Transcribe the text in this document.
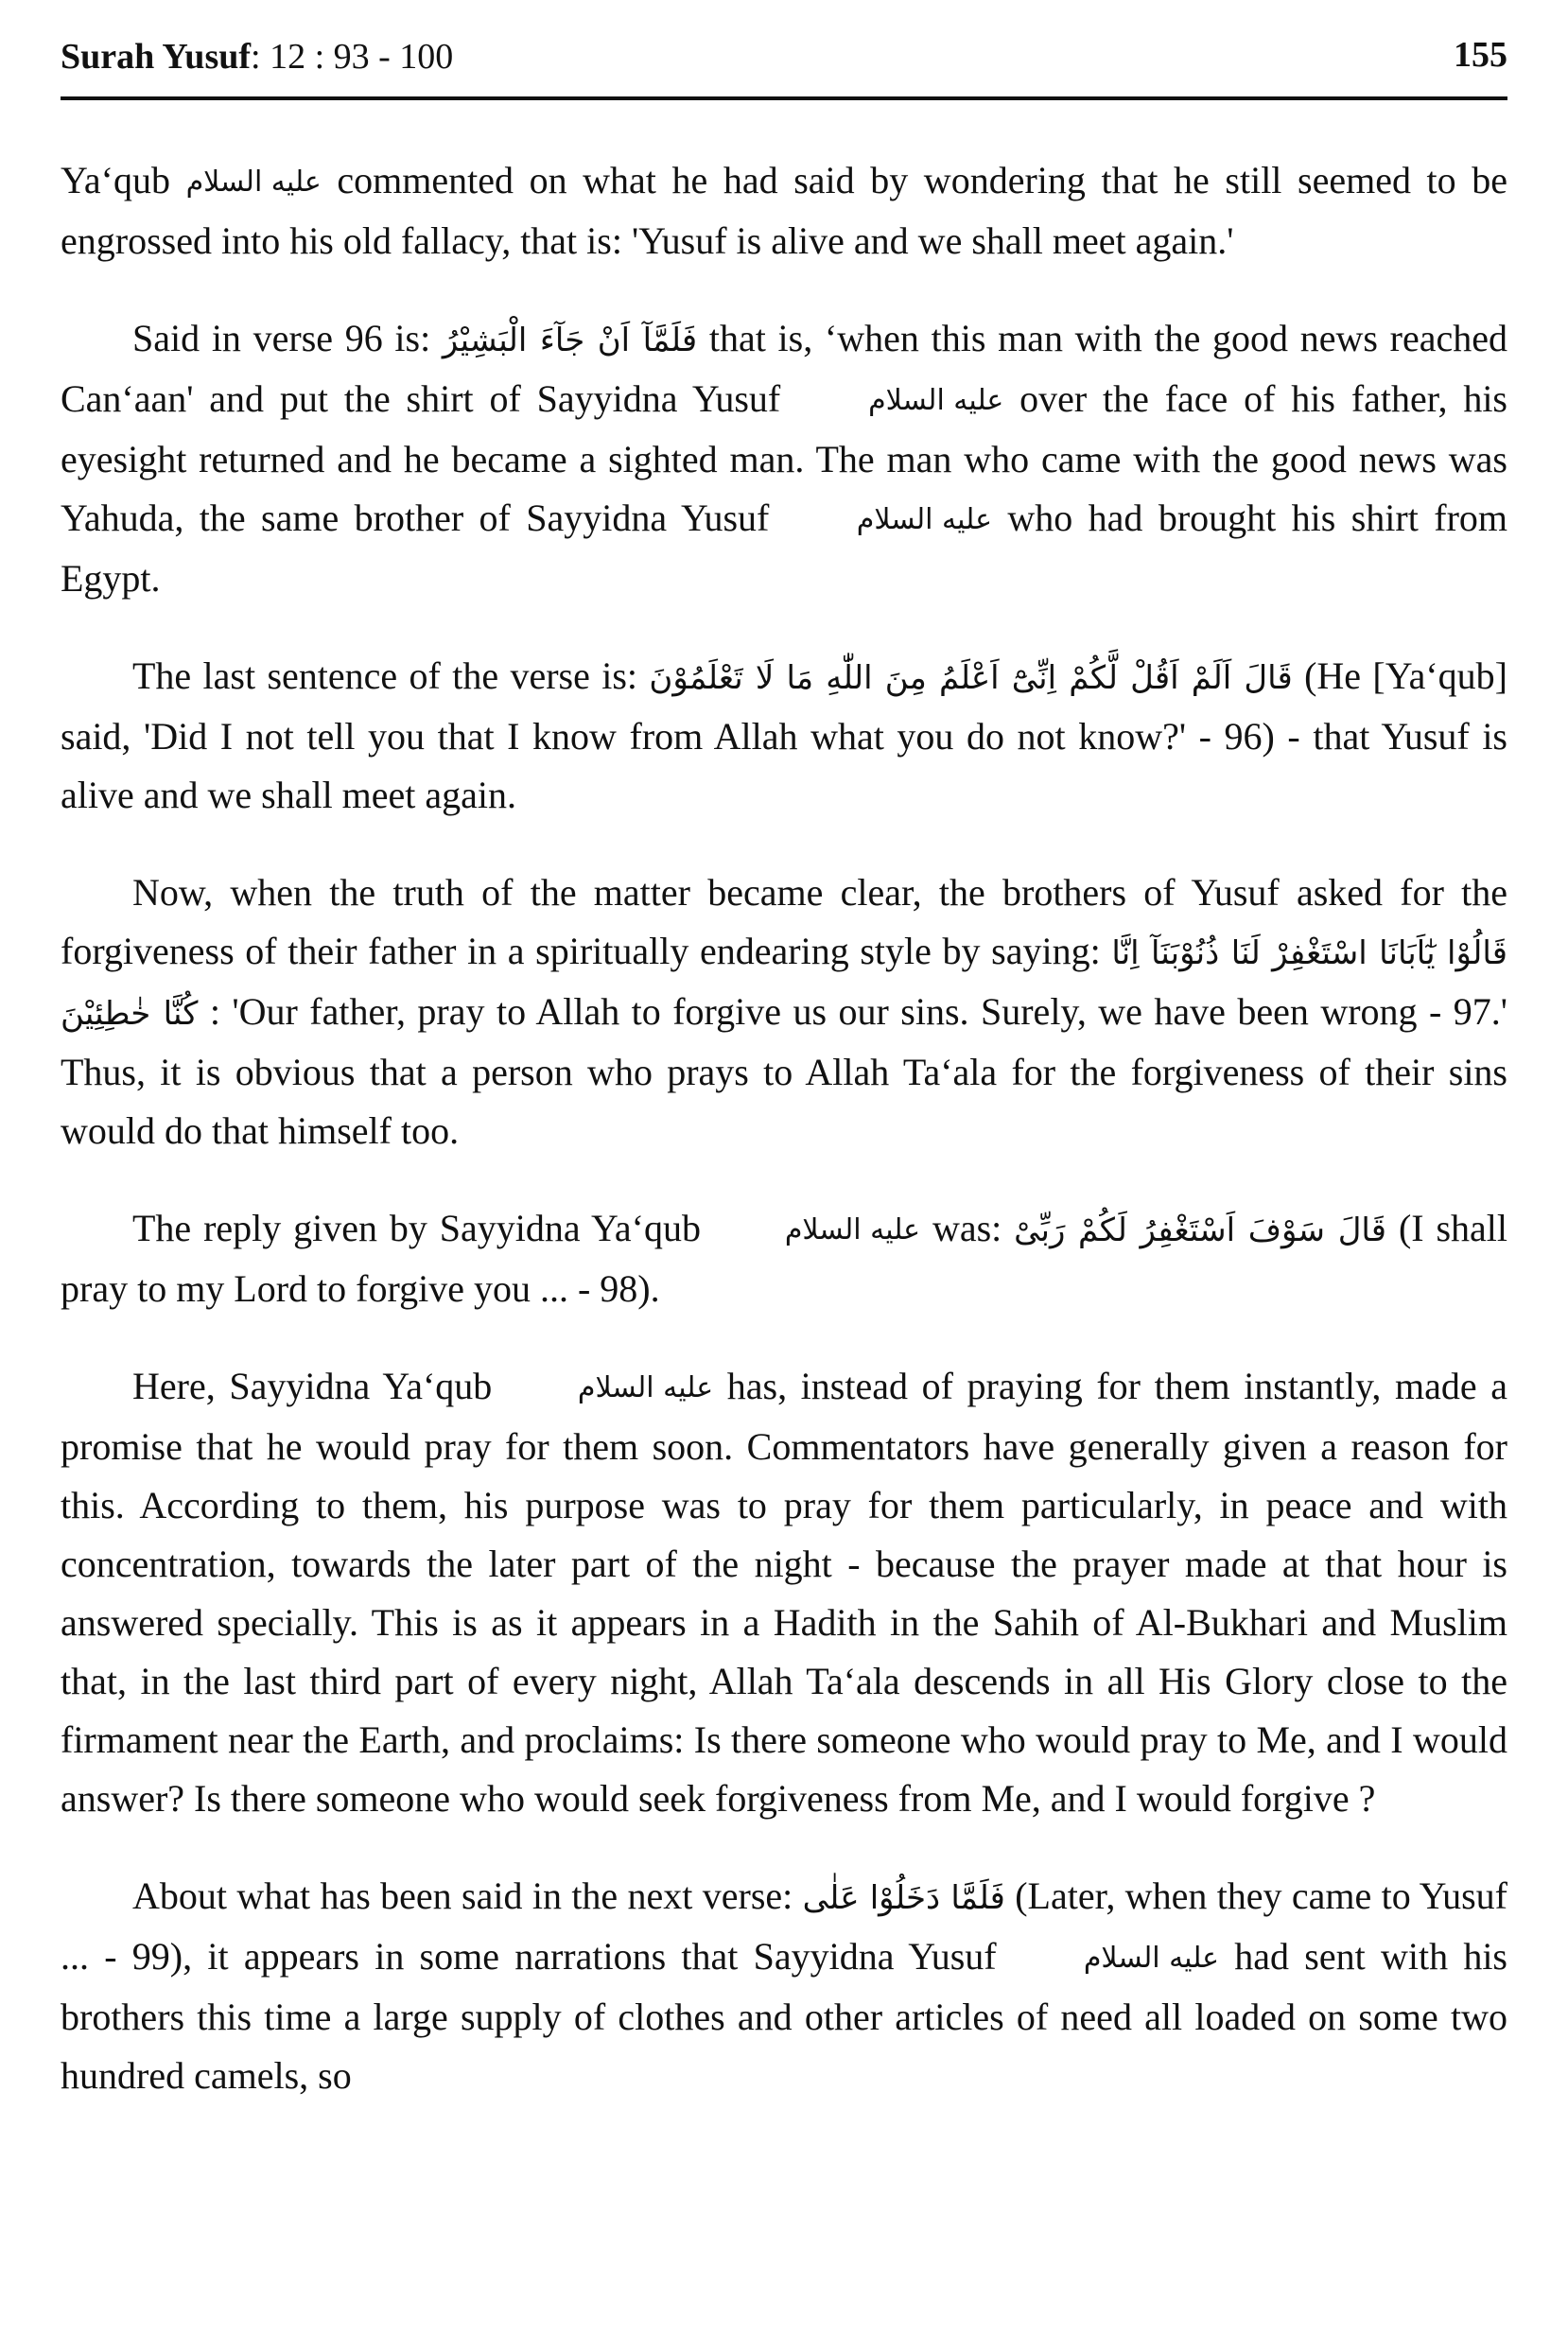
Surah Yusuf: 12 : 93 - 100	155

Ya‘qub عليه السلام commented on what he had said by wondering that he still seemed to be engrossed into his old fallacy, that is: 'Yusuf is alive and we shall meet again.'

Said in verse 96 is: فَلَمَّآ اَنْ جَآءَ الْبَشِيْرُ that is, ‘when this man with the good news reached Can‘aan' and put the shirt of Sayyidna Yusuf	عليه السلام over the face of his father, his eyesight returned and he became a sighted man. The man who came with the good news was Yahuda, the same brother of Sayyidna Yusuf	عليه السلام who had brought his shirt from Egypt.

The last sentence of the verse is: قَالَ اَلَمْ اَقُلْ لَّكُمْ اِنِّىْٓ اَعْلَمُ مِنَ اللّٰهِ مَا لَا تَعْلَمُوْنَ (He [Ya‘qub] said, 'Did I not tell you that I know from Allah what you do not know?' - 96) - that Yusuf is alive and we shall meet again.

Now, when the truth of the matter became clear, the brothers of Yusuf asked for the forgiveness of their father in a spiritually endearing style by saying: قَالُوْا يٰٓاَبَانَا اسْتَغْفِرْ لَنَا ذُنُوْبَنَآ اِنَّا كُنَّا خٰطِئِيْنَ : 'Our father, pray to Allah to forgive us our sins. Surely, we have been wrong - 97.' Thus, it is obvious that a person who prays to Allah Ta‘ala for the forgiveness of their sins would do that himself too.

The reply given by Sayyidna Ya‘qub	عليه السلام was: قَالَ سَوْفَ اَسْتَغْفِرُ لَكُمْ رَبِّىْ (I shall pray to my Lord to forgive you ... - 98).

Here, Sayyidna Ya‘qub	عليه السلام has, instead of praying for them instantly, made a promise that he would pray for them soon. Commentators have generally given a reason for this. According to them, his purpose was to pray for them particularly, in peace and with concentration, towards the later part of the night - because the prayer made at that hour is answered specially. This is as it appears in a Hadith in the Sahih of Al-Bukhari and Muslim that, in the last third part of every night, Allah Ta‘ala descends in all His Glory close to the firmament near the Earth, and proclaims: Is there someone who would pray to Me, and I would answer? Is there someone who would seek forgiveness from Me, and I would forgive ?

About what has been said in the next verse: فَلَمَّا دَخَلُوْا عَلٰى (Later, when they came to Yusuf ... - 99), it appears in some narrations that Sayyidna Yusuf	عليه السلام had sent with his brothers this time a large supply of clothes and other articles of need all loaded on some two hundred camels, so
